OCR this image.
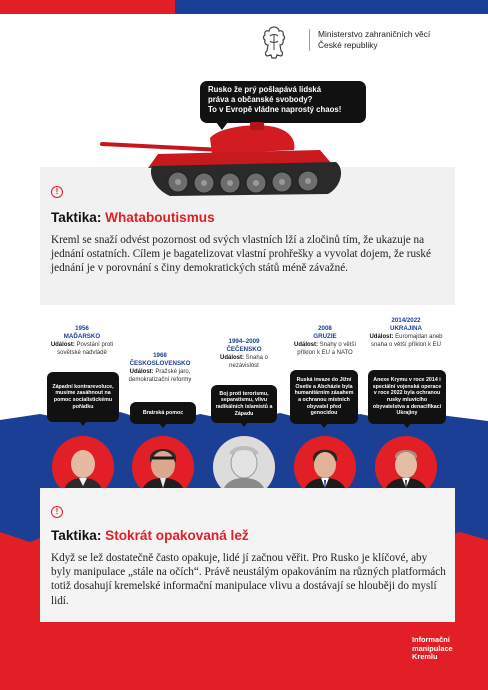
Ministerstvo zahraničních věcí
České republiky
Rusko že prý pošlapává lidská
práva a občanské svobody?
To v Evropě vládne naprostý chaos!
!
Taktika: Whataboutismus
Kreml se snaží odvést pozornost od svých vlastních lží a zločinů tím, že ukazuje na jednání ostatních. Cílem je bagatelizovat vlastní prohřešky a vyvolat dojem, že ruské jednání je v porovnání s činy demokratických států méně závažné.
1956
MAĎARSKO
Událost: Povstání proti sovětské nadvládě
Západní kontrarevoluce, musíme zasáhnout na pomoc socialistickému pořádku
1968
ČESKOSLOVENSKO
Událost: Pražské jaro, demokratizační reformy
Bratrská pomoc
1994–2009
ČEČENSKO
Událost: Snaha o nezávislost
Boj proti terorismu, separatismu, vlivu radikálních islamistů a Západu
2008
GRUZIE
Událost: Snahy o větší příklon k EU a NATO
Ruská invaze do Jižní Osetie a Abcházie byla humanitárním zásahem a ochranou místních obyvatel před genocidou
2014/2022
UKRAJINA
Událost: Euromajdan aneb snaha o větší příklon k EU
Anexe Krymu v roce 2014 i speciální vojenská operace v roce 2022 byla ochranou rusky mluvícího obyvatelstva a denacifikací Ukrajiny
!
Taktika: Stokrát opakovaná lež
Když se lež dostatečně často opakuje, lidé jí začnou věřit. Pro Rusko je klíčové, aby byly manipulace „stále na očích“. Právě neustálým opakováním na různých platformách totiž dosahují kremelské informační manipulace vlivu a dostávají se hlouběji do myslí lidí.
Informační
manipulace
Kremlu
